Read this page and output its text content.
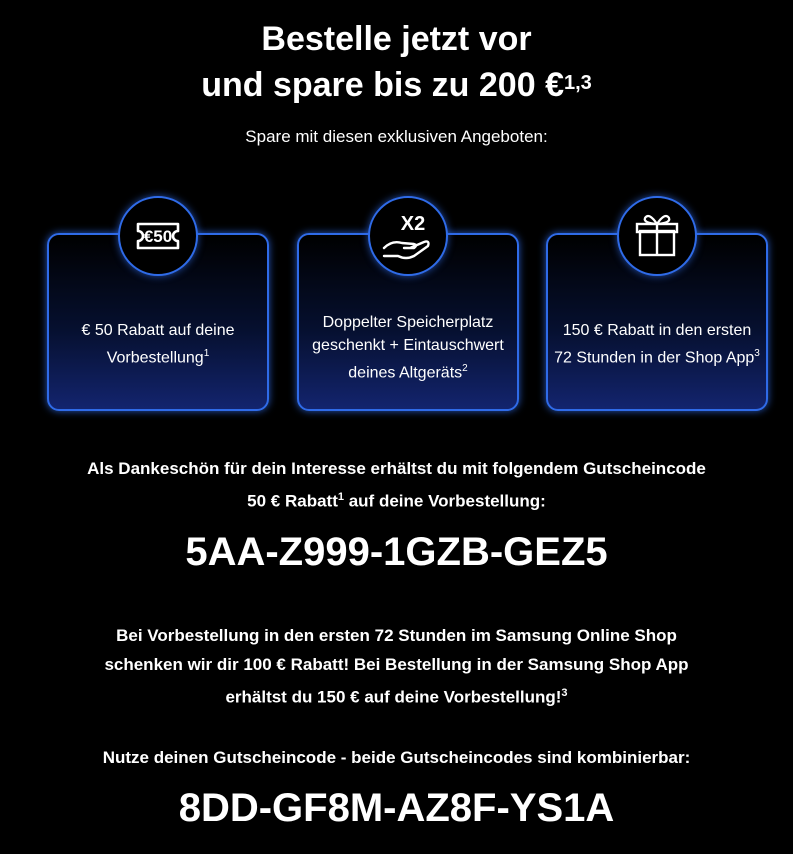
Bestelle jetzt vor
und spare bis zu 200 €$^{1,3}$
Spare mit diesen exklusiven Angeboten:
€50
€ 50 Rabatt auf deine Vorbestellung$^1$
X2
Doppelter Speicherplatz geschenkt + Eintauschwert deines Altgeräts$^2$
150 € Rabatt in den ersten 72 Stunden in der Shop App$^3$
Als Dankeschön für dein Interesse erhältst du mit folgendem Gutscheincode
50 € Rabatt$^1$ auf deine Vorbestellung:
5AA-Z999-1GZB-GEZ5
Bei Vorbestellung in den ersten 72 Stunden im Samsung Online Shop
schenken wir dir 100 € Rabatt! Bei Bestellung in der Samsung Shop App
erhältst du 150 € auf deine Vorbestellung!$^3$
Nutze deinen Gutscheincode - beide Gutscheincodes sind kombinierbar:
8DD-GF8M-AZ8F-YS1A
